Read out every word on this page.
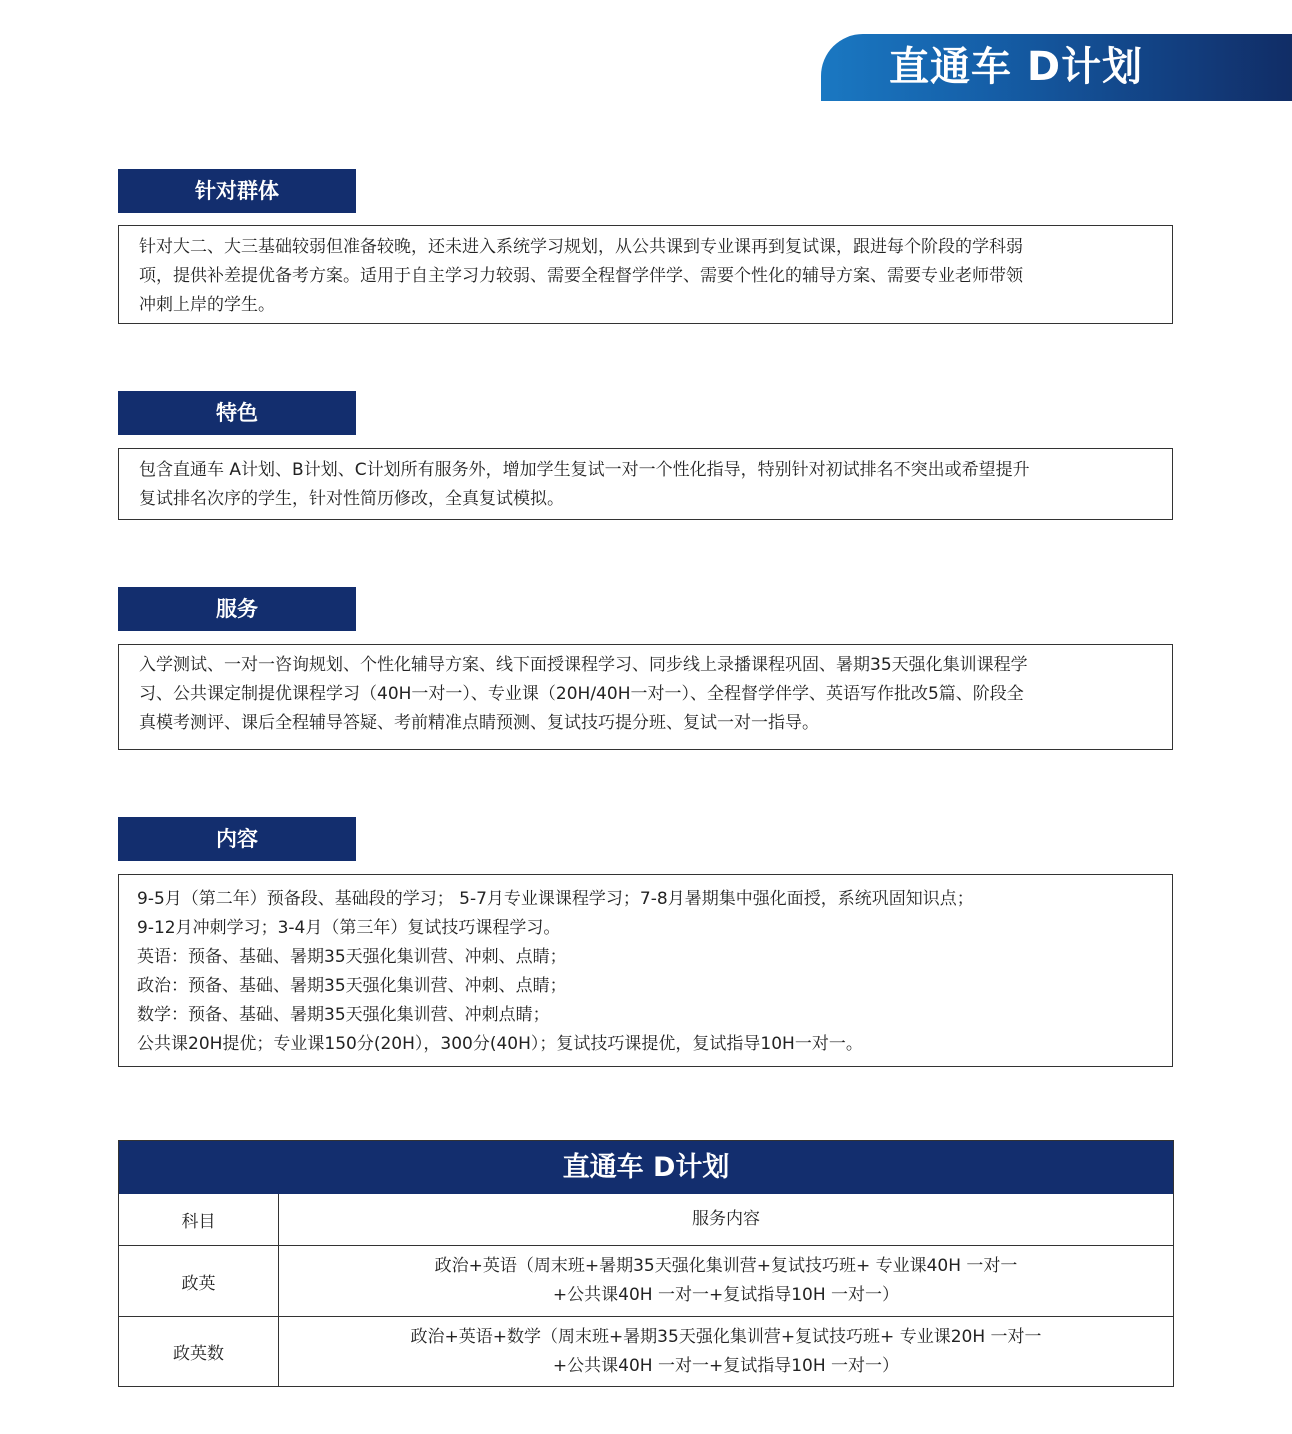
直通车 D计划
针对群体
针对大二、大三基础较弱但准备较晚，还未进入系统学习规划，从公共课到专业课再到复试课，跟进每个阶段的学科弱
项，提供补差提优备考方案。适用于自主学习力较弱、需要全程督学伴学、需要个性化的辅导方案、需要专业老师带领
冲刺上岸的学生。
特色
包含直通车 A计划、B计划、C计划所有服务外，增加学生复试一对一个性化指导，特别针对初试排名不突出或希望提升
复试排名次序的学生，针对性简历修改，全真复试模拟。
服务
入学测试、一对一咨询规划、个性化辅导方案、线下面授课程学习、同步线上录播课程巩固、暑期35天强化集训课程学
习、公共课定制提优课程学习（40H一对一）、专业课（20H/40H一对一）、全程督学伴学、英语写作批改5篇、阶段全
真模考测评、课后全程辅导答疑、考前精准点睛预测、复试技巧提分班、复试一对一指导。
内容
9-5月（第二年）预备段、基础段的学习； 5-7月专业课课程学习；7-8月暑期集中强化面授，系统巩固知识点；
9-12月冲刺学习；3-4月（第三年）复试技巧课程学习。
英语：预备、基础、暑期35天强化集训营、冲刺、点睛；
政治：预备、基础、暑期35天强化集训营、冲刺、点睛；
数学：预备、基础、暑期35天强化集训营、冲刺点睛；
公共课20H提优；专业课150分(20H），300分(40H）；复试技巧课提优，复试指导10H一对一。
直通车 D计划
科目	服务内容
政英
政治+英语（周末班+暑期35天强化集训营+复试技巧班+ 专业课40H 一对一
+公共课40H 一对一+复试指导10H 一对一）
政英数
政治+英语+数学（周末班+暑期35天强化集训营+复试技巧班+ 专业课20H 一对一
+公共课40H 一对一+复试指导10H 一对一）
